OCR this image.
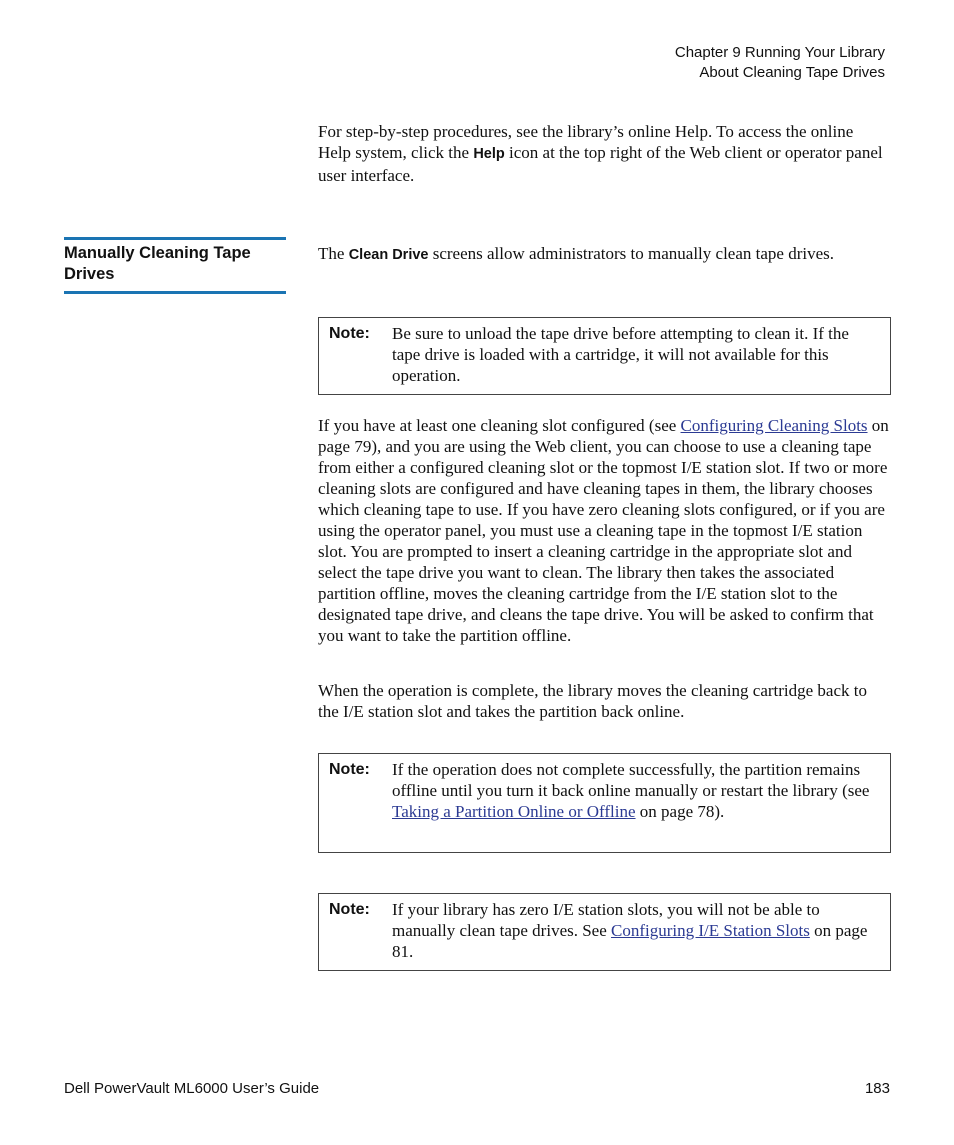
Chapter 9 Running Your Library
About Cleaning Tape Drives

For step-by-step procedures, see the library’s online Help. To access the online Help system, click the Help icon at the top right of the Web client or operator panel user interface.

Manually Cleaning Tape Drives

The Clean Drive screens allow administrators to manually clean tape drives.

Note:	Be sure to unload the tape drive before attempting to clean it. If the tape drive is loaded with a cartridge, it will not available for this operation.

If you have at least one cleaning slot configured (see Configuring Cleaning Slots on page 79), and you are using the Web client, you can choose to use a cleaning tape from either a configured cleaning slot or the topmost I/E station slot. If two or more cleaning slots are configured and have cleaning tapes in them, the library chooses which cleaning tape to use. If you have zero cleaning slots configured, or if you are using the operator panel, you must use a cleaning tape in the topmost I/E station slot. You are prompted to insert a cleaning cartridge in the appropriate slot and select the tape drive you want to clean. The library then takes the associated partition offline, moves the cleaning cartridge from the I/E station slot to the designated tape drive, and cleans the tape drive. You will be asked to confirm that you want to take the partition offline.

When the operation is complete, the library moves the cleaning cartridge back to the I/E station slot and takes the partition back online.

Note:	If the operation does not complete successfully, the partition remains offline until you turn it back online manually or restart the library (see Taking a Partition Online or Offline on page 78).
Note:	If your library has zero I/E station slots, you will not be able to manually clean tape drives. See Configuring I/E Station Slots on page 81.
Dell PowerVault ML6000 User’s Guide	183
